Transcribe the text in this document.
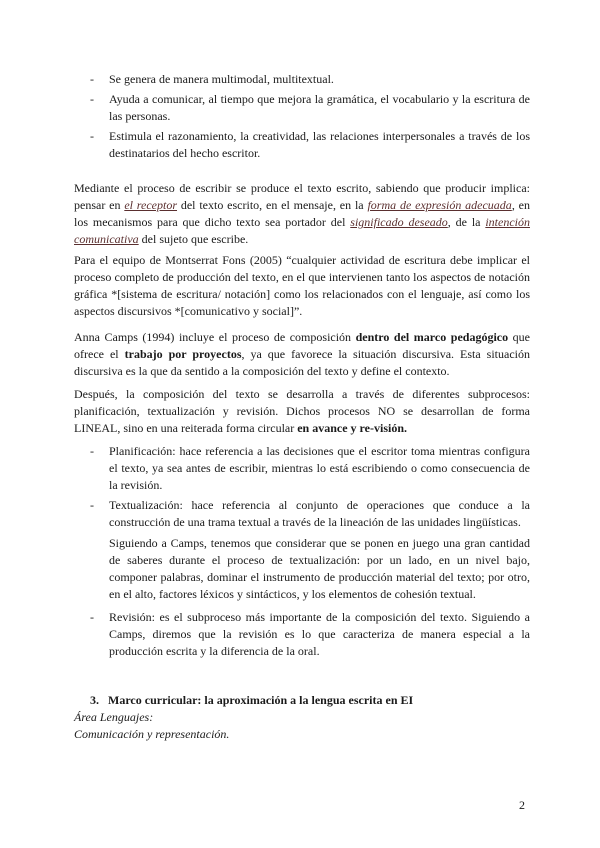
- Se genera de manera multimodal, multitextual.
- Ayuda a comunicar, al tiempo que mejora la gramática, el vocabulario y la escritura de las personas.
- Estimula el razonamiento, la creatividad, las relaciones interpersonales a través de los destinatarios del hecho escritor.

Mediante el proceso de escribir se produce el texto escrito, sabiendo que producir implica: pensar en el receptor del texto escrito, en el mensaje, en la forma de expresión adecuada, en los mecanismos para que dicho texto sea portador del significado deseado, de la intención comunicativa del sujeto que escribe.

Para el equipo de Montserrat Fons (2005) “cualquier actividad de escritura debe implicar el proceso completo de producción del texto, en el que intervienen tanto los aspectos de notación gráfica *[sistema de escritura/ notación] como los relacionados con el lenguaje, así como los aspectos discursivos *[comunicativo y social]”.

Anna Camps (1994) incluye el proceso de composición dentro del marco pedagógico que ofrece el trabajo por proyectos, ya que favorece la situación discursiva. Esta situación discursiva es la que da sentido a la composición del texto y define el contexto.

Después, la composición del texto se desarrolla a través de diferentes subprocesos: planificación, textualización y revisión. Dichos procesos NO se desarrollan de forma LINEAL, sino en una reiterada forma circular en avance y re-visión.

- Planificación: hace referencia a las decisiones que el escritor toma mientras configura el texto, ya sea antes de escribir, mientras lo está escribiendo o como consecuencia de la revisión.
- Textualización: hace referencia al conjunto de operaciones que conduce a la construcción de una trama textual a través de la lineación de las unidades lingüísticas.

Siguiendo a Camps, tenemos que considerar que se ponen en juego una gran cantidad de saberes durante el proceso de textualización: por un lado, en un nivel bajo, componer palabras, dominar el instrumento de producción material del texto; por otro, en el alto, factores léxicos y sintácticos, y los elementos de cohesión textual.

- Revisión: es el subproceso más importante de la composición del texto. Siguiendo a Camps, diremos que la revisión es lo que caracteriza de manera especial a la producción escrita y la diferencia de la oral.

3. Marco curricular: la aproximación a la lengua escrita en EI

Área Lenguajes:

Comunicación y representación.

2
